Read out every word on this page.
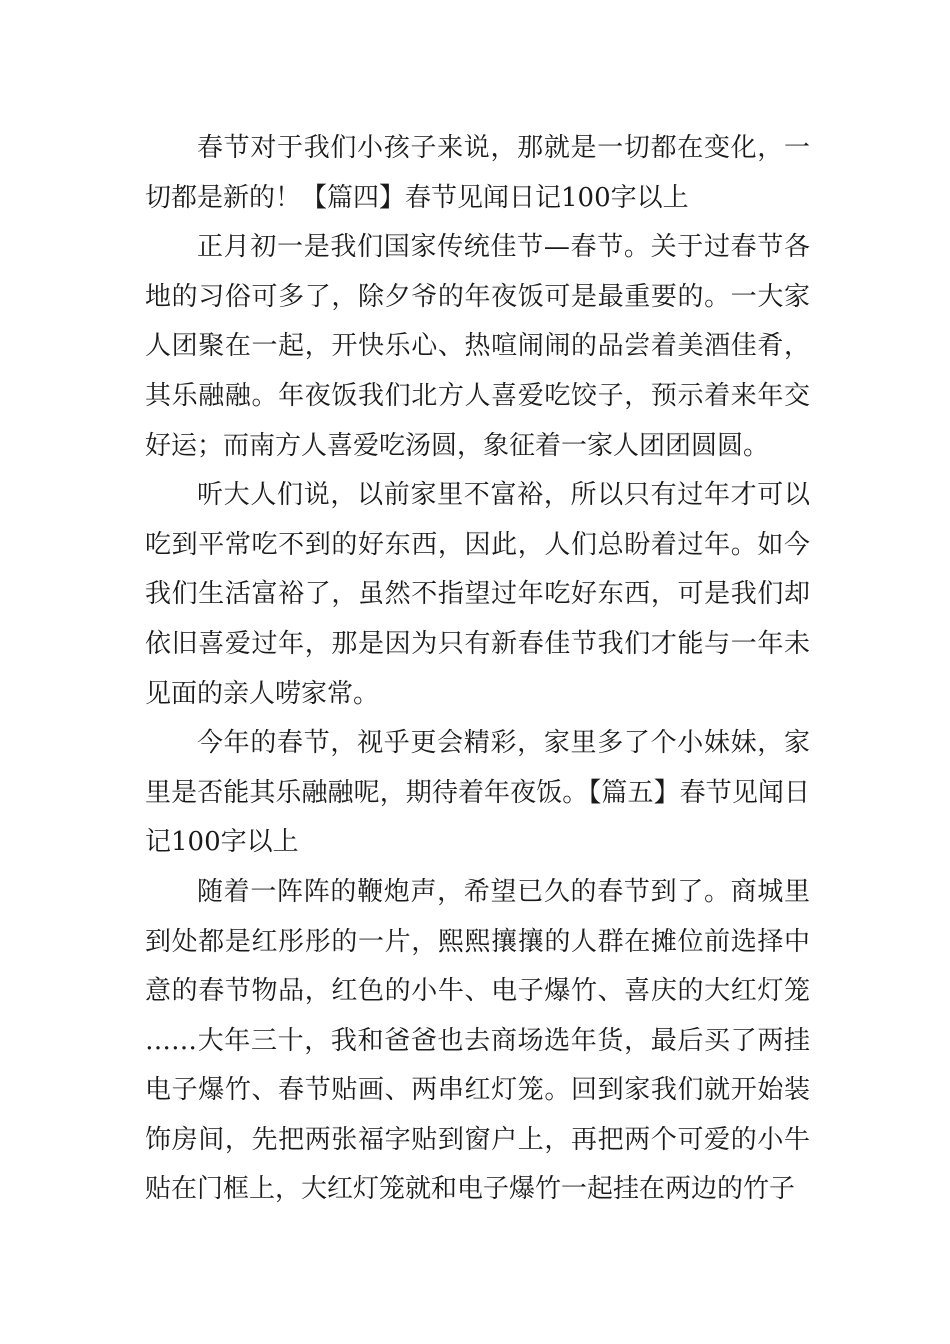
春节对于我们小孩子来说，那就是一切都在变化，一切都是新的！【篇四】春节见闻日记100字以上

正月初一是我们国家传统佳节—春节。关于过春节各地的习俗可多了，除夕爷的年夜饭可是最重要的。一大家人团聚在一起，开快乐心、热喧闹闹的品尝着美酒佳肴，其乐融融。年夜饭我们北方人喜爱吃饺子，预示着来年交好运；而南方人喜爱吃汤圆，象征着一家人团团圆圆。

听大人们说，以前家里不富裕，所以只有过年才可以吃到平常吃不到的好东西，因此，人们总盼着过年。如今我们生活富裕了，虽然不指望过年吃好东西，可是我们却依旧喜爱过年，那是因为只有新春佳节我们才能与一年未见面的亲人唠家常。

今年的春节，视乎更会精彩，家里多了个小妹妹，家里是否能其乐融融呢，期待着年夜饭。【篇五】春节见闻日记100字以上

随着一阵阵的鞭炮声，希望已久的春节到了。商城里到处都是红彤彤的一片，熙熙攘攘的人群在摊位前选择中意的春节物品，红色的小牛、电子爆竹、喜庆的大红灯笼……大年三十，我和爸爸也去商场选年货，最后买了两挂电子爆竹、春节贴画、两串红灯笼。回到家我们就开始装饰房间，先把两张福字贴到窗户上，再把两个可爱的小牛贴在门框上，大红灯笼就和电子爆竹一起挂在两边的竹子
